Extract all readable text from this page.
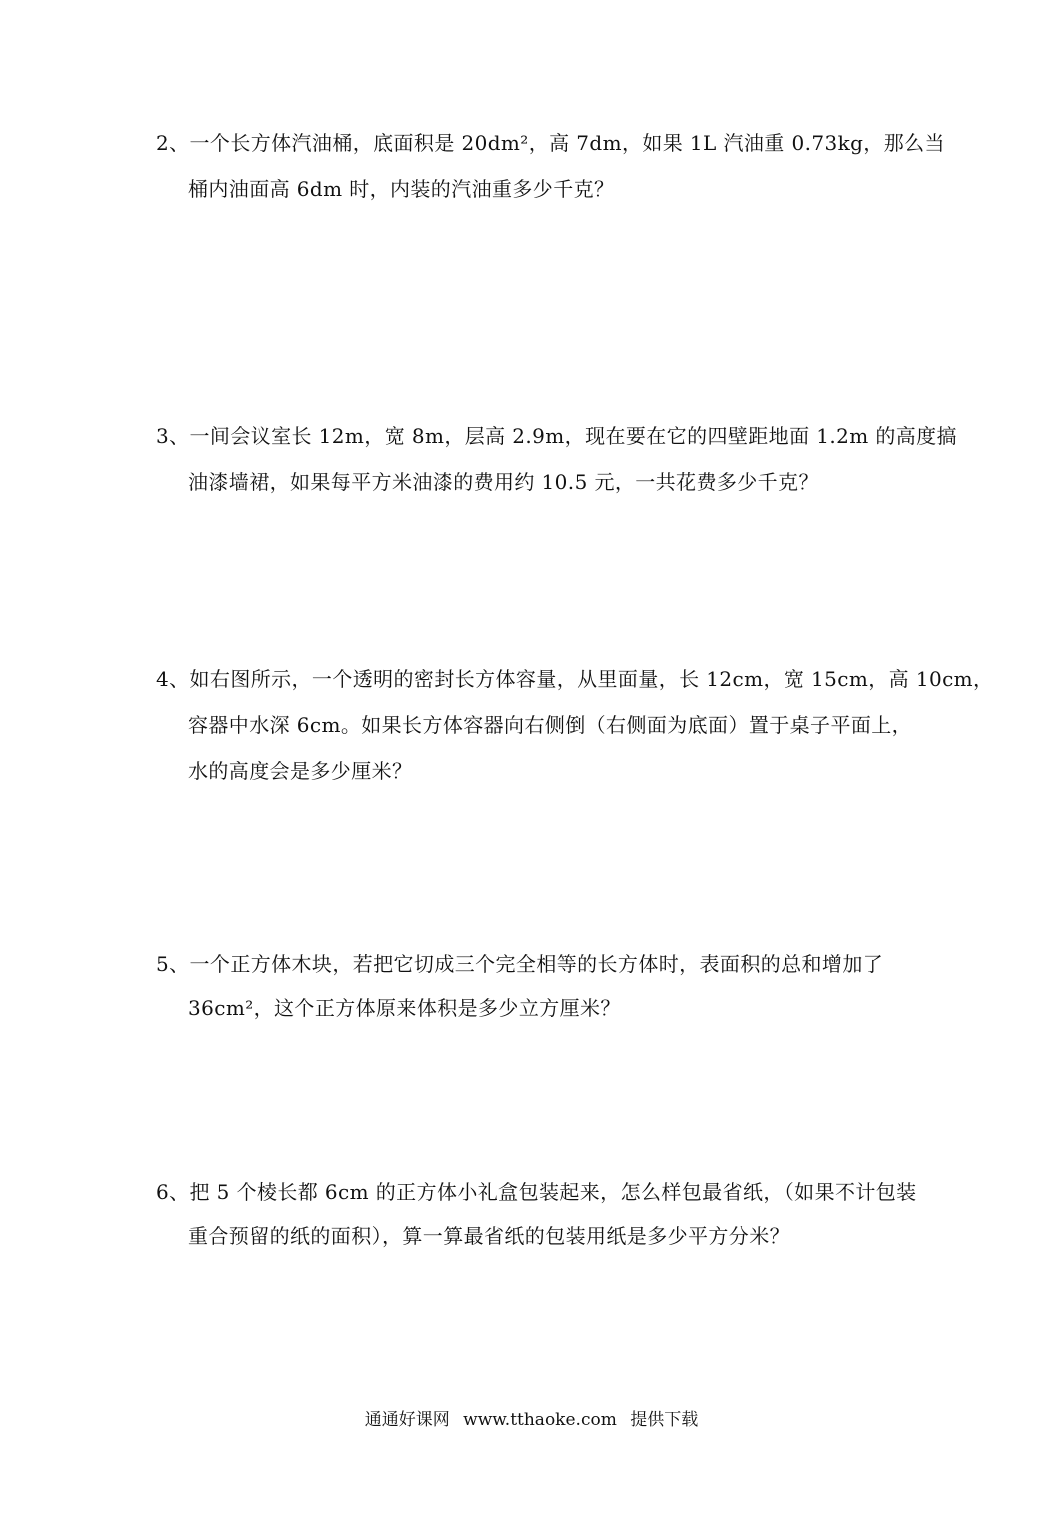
2、一个长方体汽油桶，底面积是 20dm²，高 7dm，如果 1L 汽油重 0.73kg，那么当
桶内油面高 6dm 时，内装的汽油重多少千克？
3、一间会议室长 12m，宽 8m，层高 2.9m，现在要在它的四壁距地面 1.2m 的高度搞
油漆墙裙，如果每平方米油漆的费用约 10.5 元，一共花费多少千克？
4、如右图所示，一个透明的密封长方体容量，从里面量，长 12cm，宽 15cm，高 10cm，
容器中水深 6cm。如果长方体容器向右侧倒（右侧面为底面）置于桌子平面上，
水的高度会是多少厘米？
5、一个正方体木块，若把它切成三个完全相等的长方体时，表面积的总和增加了
36cm²，这个正方体原来体积是多少立方厘米？
6、把 5 个棱长都 6cm 的正方体小礼盒包装起来，怎么样包最省纸，（如果不计包装
重合预留的纸的面积），算一算最省纸的包装用纸是多少平方分米？
通通好课网 www.tthaoke.com 提供下载
